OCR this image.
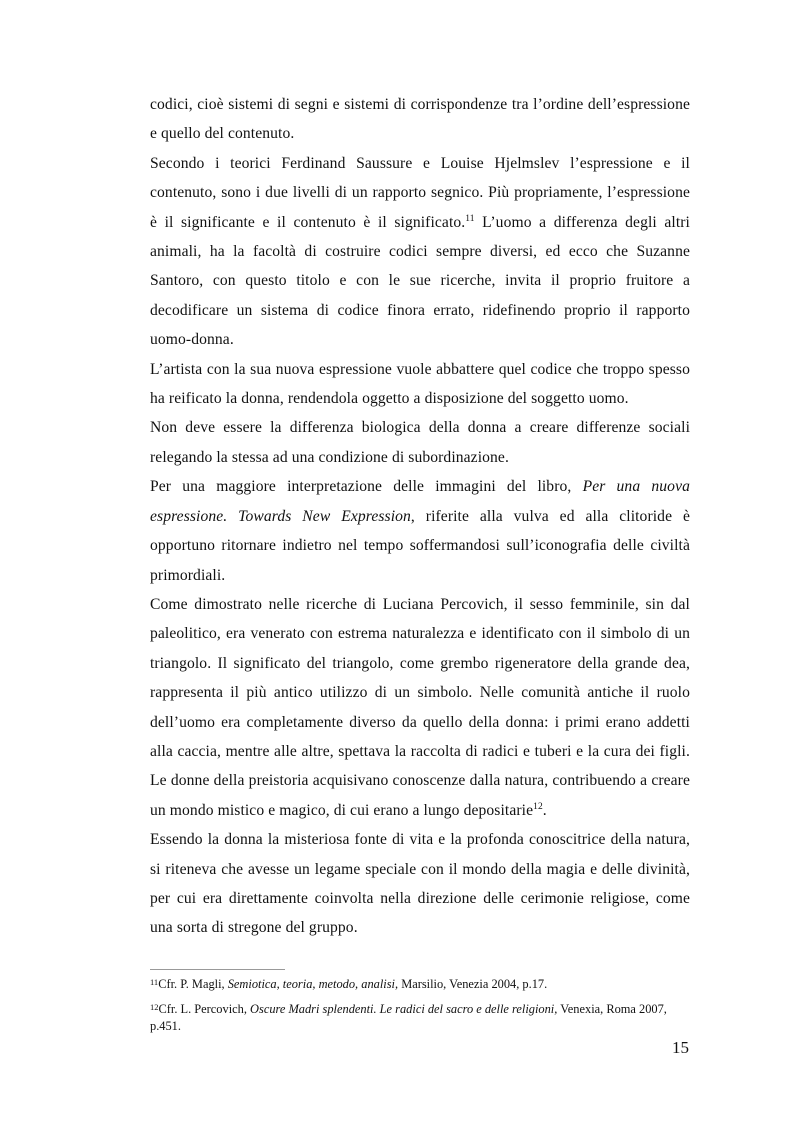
codici, cioè sistemi di segni e sistemi di corrispondenze tra l’ordine dell’espressione e quello del contenuto.

Secondo i teorici Ferdinand Saussure e Louise Hjelmslev l’espressione e il contenuto, sono i due livelli di un rapporto segnico. Più propriamente, l’espressione è il significante e il contenuto è il significato.$^{11}$ L’uomo a differenza degli altri animali, ha la facoltà di costruire codici sempre diversi, ed ecco che Suzanne Santoro, con questo titolo e con le sue ricerche, invita il proprio fruitore a decodificare un sistema di codice finora errato, ridefinendo proprio il rapporto uomo-donna.

L’artista con la sua nuova espressione vuole abbattere quel codice che troppo spesso ha reificato la donna, rendendola oggetto a disposizione del soggetto uomo.

Non deve essere la differenza biologica della donna a creare differenze sociali relegando la stessa ad una condizione di subordinazione.

Per una maggiore interpretazione delle immagini del libro, Per una nuova espressione. Towards New Expression, riferite alla vulva ed alla clitoride è opportuno ritornare indietro nel tempo soffermandosi sull’iconografia delle civiltà primordiali.

Come dimostrato nelle ricerche di Luciana Percovich, il sesso femminile, sin dal paleolitico, era venerato con estrema naturalezza e identificato con il simbolo di un triangolo. Il significato del triangolo, come grembo rigeneratore della grande dea, rappresenta il più antico utilizzo di un simbolo. Nelle comunità antiche il ruolo dell’uomo era completamente diverso da quello della donna: i primi erano addetti alla caccia, mentre alle altre, spettava la raccolta di radici e tuberi e la cura dei figli. Le donne della preistoria acquisivano conoscenze dalla natura, contribuendo a creare un mondo mistico e magico, di cui erano a lungo depositarie$^{12}$.

Essendo la donna la misteriosa fonte di vita e la profonda conoscitrice della natura, si riteneva che avesse un legame speciale con il mondo della magia e delle divinità, per cui era direttamente coinvolta nella direzione delle cerimonie religiose, come una sorta di stregone del gruppo.

$^{11}$Cfr. P. Magli, Semiotica, teoria, metodo, analisi, Marsilio, Venezia 2004, p.17.

$^{12}$Cfr. L. Percovich, Oscure Madri splendenti. Le radici del sacro e delle religioni, Venexia, Roma 2007, p.451.

15
